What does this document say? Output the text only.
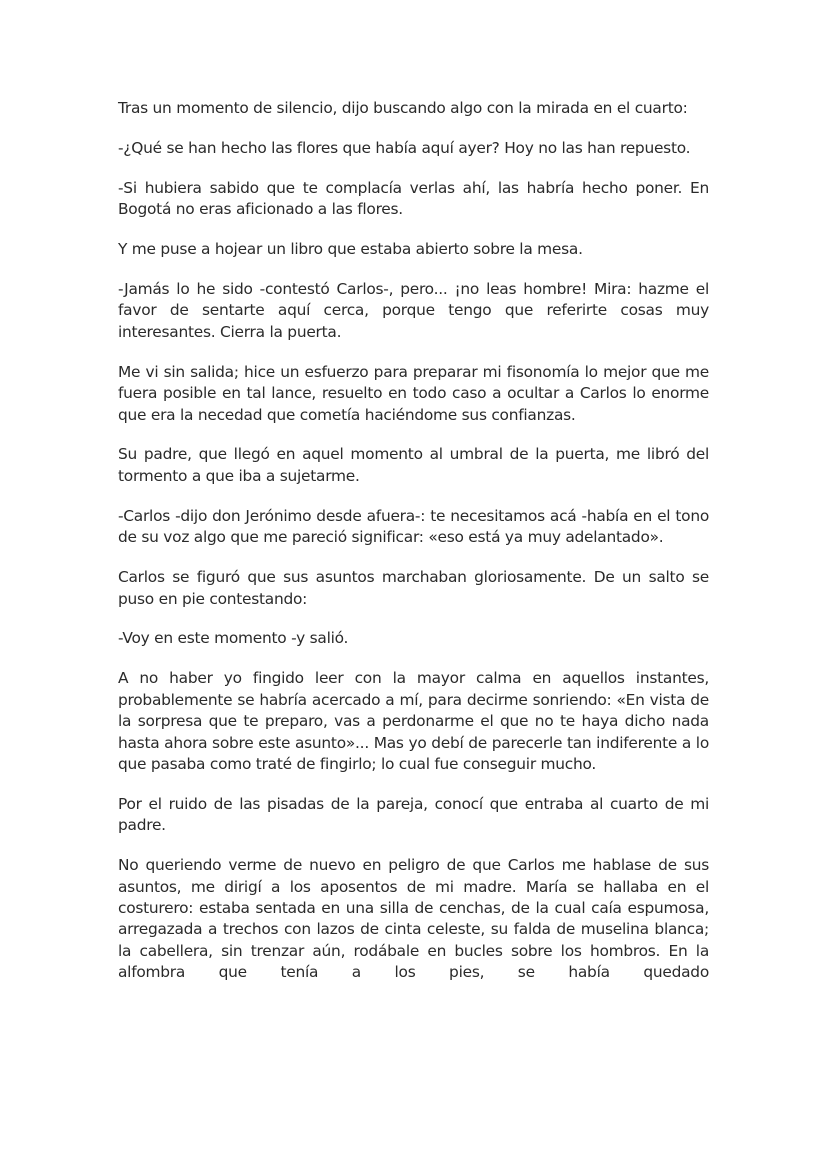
Tras un momento de silencio, dijo buscando algo con la mirada en el cuarto:

-¿Qué se han hecho las flores que había aquí ayer? Hoy no las han repuesto.

-Si hubiera sabido que te complacía verlas ahí, las habría hecho poner. En Bogotá no eras aficionado a las flores.

Y me puse a hojear un libro que estaba abierto sobre la mesa.

-Jamás lo he sido -contestó Carlos-, pero... ¡no leas hombre! Mira: hazme el favor de sentarte aquí cerca, porque tengo que referirte cosas muy interesantes. Cierra la puerta.

Me vi sin salida; hice un esfuerzo para preparar mi fisonomía lo mejor que me fuera posible en tal lance, resuelto en todo caso a ocultar a Carlos lo enorme que era la necedad que cometía haciéndome sus confianzas.

Su padre, que llegó en aquel momento al umbral de la puerta, me libró del tormento a que iba a sujetarme.

-Carlos -dijo don Jerónimo desde afuera-: te necesitamos acá -había en el tono de su voz algo que me pareció significar: «eso está ya muy adelantado».

Carlos se figuró que sus asuntos marchaban gloriosamente. De un salto se puso en pie contestando:

-Voy en este momento -y salió.

A no haber yo fingido leer con la mayor calma en aquellos instantes, probablemente se habría acercado a mí, para decirme sonriendo: «En vista de la sorpresa que te preparo, vas a perdonarme el que no te haya dicho nada hasta ahora sobre este asunto»... Mas yo debí de parecerle tan indiferente a lo que pasaba como traté de fingirlo; lo cual fue conseguir mucho.

Por el ruido de las pisadas de la pareja, conocí que entraba al cuarto de mi padre.

No queriendo verme de nuevo en peligro de que Carlos me hablase de sus asuntos, me dirigí a los aposentos de mi madre. María se hallaba en el costurero: estaba sentada en una silla de cenchas, de la cual caía espumosa, arregazada a trechos con lazos de cinta celeste, su falda de muselina blanca; la cabellera, sin trenzar aún, rodábale en bucles sobre los hombros. En la alfombra que tenía a los pies, se había quedado
